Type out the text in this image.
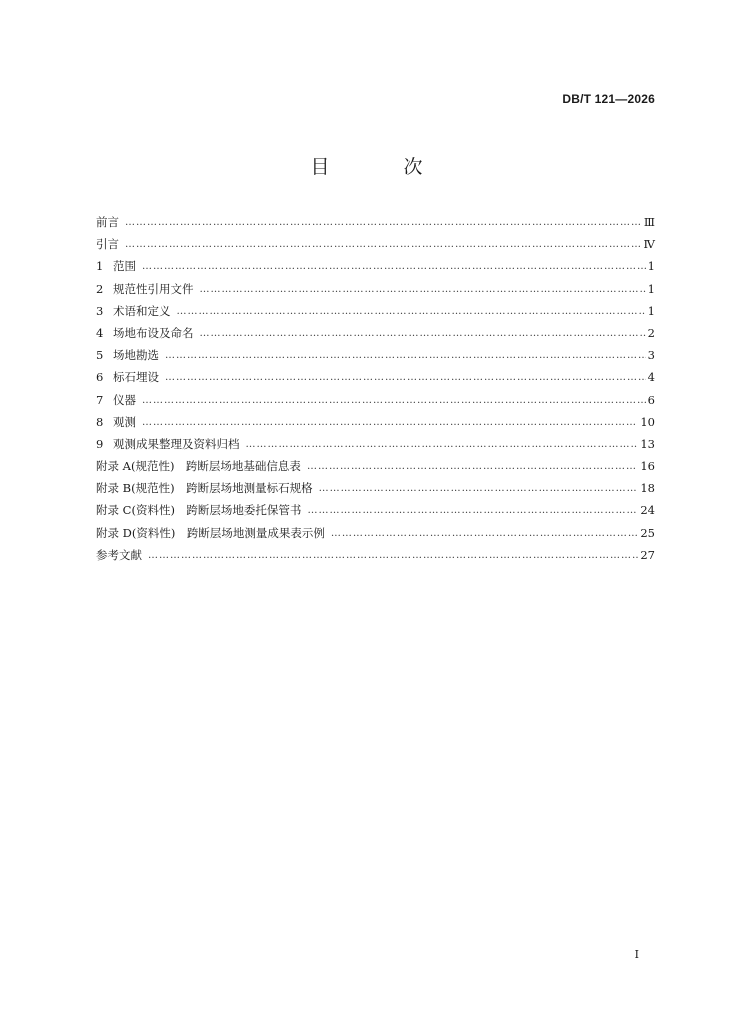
DB/T 121—2026
目 次
前言 ……………………………………………………………………………………………………………………………………………………………………………………………………………………………………………………	Ⅲ
引言 ……………………………………………………………………………………………………………………………………………………………………………………………………………………………………………………	Ⅳ
1 范围 ……………………………………………………………………………………………………………………………………………………………………………………………………………………………………………………	1
2 规范性引用文件 ……………………………………………………………………………………………………………………………………………………………………………………………………………………………………………………	1
3 术语和定义 ……………………………………………………………………………………………………………………………………………………………………………………………………………………………………………………	1
4 场地布设及命名 ……………………………………………………………………………………………………………………………………………………………………………………………………………………………………………………	2
5 场地勘选 ……………………………………………………………………………………………………………………………………………………………………………………………………………………………………………………	3
6 标石埋设 ……………………………………………………………………………………………………………………………………………………………………………………………………………………………………………………	4
7 仪器 ……………………………………………………………………………………………………………………………………………………………………………………………………………………………………………………	6
8 观测 ……………………………………………………………………………………………………………………………………………………………………………………………………………………………………………………	10
9 观测成果整理及资料归档 ……………………………………………………………………………………………………………………………………………………………………………………………………………………………………………………	13
附录 A(规范性)　跨断层场地基础信息表 ……………………………………………………………………………………………………………………………………………………………………………………………………………………………………………………	16
附录 B(规范性)　跨断层场地测量标石规格 ……………………………………………………………………………………………………………………………………………………………………………………………………………………………………………………	18
附录 C(资料性)　跨断层场地委托保管书 ……………………………………………………………………………………………………………………………………………………………………………………………………………………………………………………	24
附录 D(资料性)　跨断层场地测量成果表示例 ……………………………………………………………………………………………………………………………………………………………………………………………………………………………………………………	25
参考文献 ……………………………………………………………………………………………………………………………………………………………………………………………………………………………………………………	27
Ⅰ
